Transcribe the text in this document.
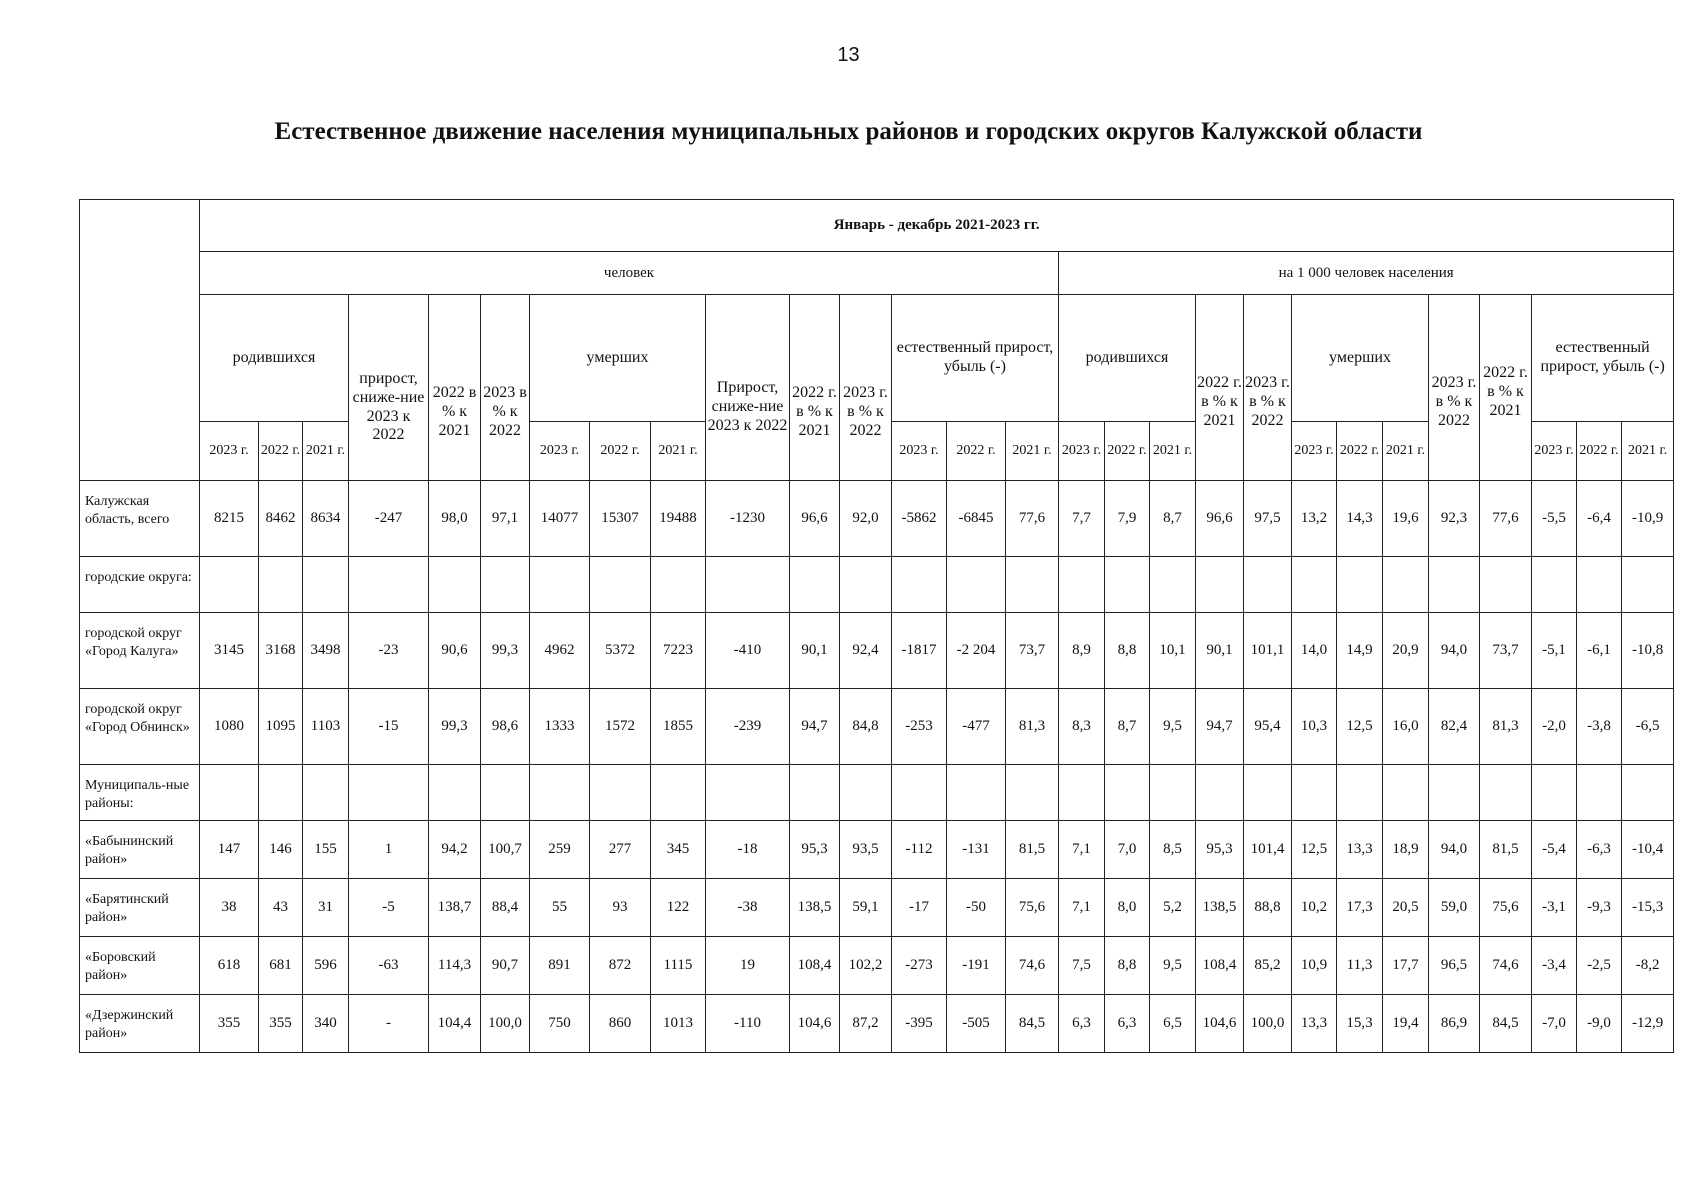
13
Естественное движение населения муниципальных районов и городских округов Калужской области
	Январь - декабрь 2021-2023 гг.																											
	человек															на 1 000 человек населения												
	родившихся			прирост, сниже-ние 2023 к 2022	2022 в % к 2021	2023 в % к 2022	умерших			Прирост, сниже-ние 2023 к 2022	2022 г. в % к 2021	2023 г. в % к 2022	естественный прирост, убыль (-)			родившихся			2022 г. в % к 2021	2023 г. в % к 2022	умерших			2023 г. в % к 2022	2022 г. в % к 2021	естественный прирост, убыль (-)		
	2023 г.	2022 г.	2021 г.				2023 г.	2022 г.	2021 г.				2023 г.	2022 г.	2021 г.	2023 г.	2022 г.	2021 г.			2023 г.	2022 г.	2021 г.			2023 г.	2022 г.	2021 г.
Калужская область, всего	8215	8462	8634	-247	98,0	97,1	14077	15307	19488	-1230	96,6	92,0	-5862	-6845	77,6	7,7	7,9	8,7	96,6	97,5	13,2	14,3	19,6	92,3	77,6	-5,5	-6,4	-10,9
городские округа:																												
городской округ «Город Калуга»	3145	3168	3498	-23	90,6	99,3	4962	5372	7223	-410	90,1	92,4	-1817	-2 204	73,7	8,9	8,8	10,1	90,1	101,1	14,0	14,9	20,9	94,0	73,7	-5,1	-6,1	-10,8
городской округ «Город Обнинск»	1080	1095	1103	-15	99,3	98,6	1333	1572	1855	-239	94,7	84,8	-253	-477	81,3	8,3	8,7	9,5	94,7	95,4	10,3	12,5	16,0	82,4	81,3	-2,0	-3,8	-6,5
Муниципаль-ные районы:																												
«Бабынинский район»	147	146	155	1	94,2	100,7	259	277	345	-18	95,3	93,5	-112	-131	81,5	7,1	7,0	8,5	95,3	101,4	12,5	13,3	18,9	94,0	81,5	-5,4	-6,3	-10,4
«Барятинский район»	38	43	31	-5	138,7	88,4	55	93	122	-38	138,5	59,1	-17	-50	75,6	7,1	8,0	5,2	138,5	88,8	10,2	17,3	20,5	59,0	75,6	-3,1	-9,3	-15,3
«Боровский район»	618	681	596	-63	114,3	90,7	891	872	1115	19	108,4	102,2	-273	-191	74,6	7,5	8,8	9,5	108,4	85,2	10,9	11,3	17,7	96,5	74,6	-3,4	-2,5	-8,2
«Дзержинский район»	355	355	340	-	104,4	100,0	750	860	1013	-110	104,6	87,2	-395	-505	84,5	6,3	6,3	6,5	104,6	100,0	13,3	15,3	19,4	86,9	84,5	-7,0	-9,0	-12,9
